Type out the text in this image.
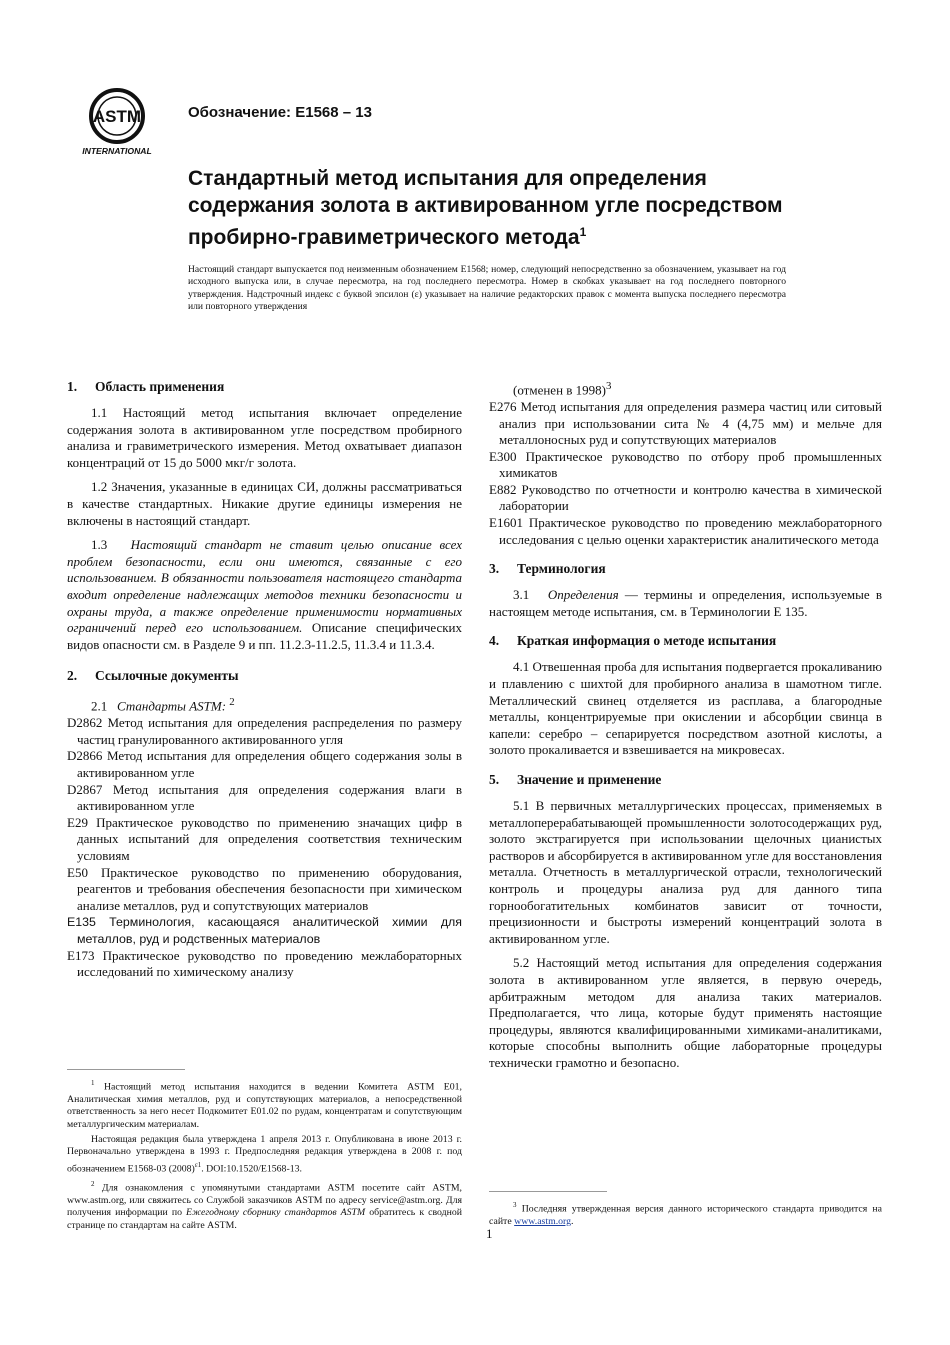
ASTM
INTERNATIONAL
Обозначение: E1568 – 13
Стандартный метод испытания для определения содержания золота в активированном угле посредством пробирно-гравиметрического метода$^1$
Настоящий стандарт выпускается под неизменным обозначением E1568; номер, следующий непосредственно за обозначением, указывает на год исходного выпуска или, в случае пересмотра, на год последнего пересмотра. Номер в скобках указывает на год последнего повторного утверждения. Надстрочный индекс с буквой эпсилон (ε) указывает на наличие редакторских правок с момента выпуска последнего пересмотра или повторного утверждения
1. Область применения

1.1 Настоящий метод испытания включает определение содержания золота в активированном угле посредством пробирного анализа и гравиметрического измерения. Метод охватывает диапазон концентраций от 15 до 5000 мкг/г золота.

1.2 Значения, указанные в единицах СИ, должны рассматриваться в качестве стандартных. Никакие другие единицы измерения не включены в настоящий стандарт.

1.3 Настоящий стандарт не ставит целью описание всех проблем безопасности, если они имеются, связанные с его использованием. В обязанности пользователя настоящего стандарта входит определение надлежащих методов техники безопасности и охраны труда, а также определение применимости нормативных ограничений перед его использованием. Описание специфических видов опасности см. в Разделе 9 и пп. 11.2.3-11.2.5, 11.3.4 и 11.3.4.

2. Ссылочные документы
2.1 Стандарты ASTM: $^2$
D2862 Метод испытания для определения распределения по размеру частиц гранулированного активированного угля
D2866 Метод испытания для определения общего содержания золы в активированном угле
D2867 Метод испытания для определения содержания влаги в активированном угле
E29 Практическое руководство по применению значащих цифр в данных испытаний для определения соответствия техническим условиям
E50 Практическое руководство по применению оборудования, реагентов и требования обеспечения безопасности при химическом анализе металлов, руд и сопутствующих материалов
E135 Терминология, касающаяся аналитической химии для металлов, руд и родственных материалов
E173 Практическое руководство по проведению межлабораторных исследований по химическому анализу

$^1$ Настоящий метод испытания находится в ведении Комитета ASTM E01, Аналитическая химия металлов, руд и сопутствующих материалов, а непосредственной ответственность за него несет Подкомитет E01.02 по рудам, концентратам и сопутствующим металлургическим материалам.

Настоящая редакция была утверждена 1 апреля 2013 г. Опубликована в июне 2013 г. Первоначально утверждена в 1993 г. Предпоследняя редакция утверждена в 2008 г. под обозначением E1568-03 $(2008)^{\varepsilon 1}$. DOI:10.1520/E1568-13.

$^2$ Для ознакомления с упомянутыми стандартами ASTM посетите сайт ASTM, www.astm.org, или свяжитесь со Службой заказчиков ASTM по адресу service@astm.org. Для получения информации по Ежегодному сборнику стандартов ASTM обратитесь к сводной странице по стандартам на сайте ASTM.

(отменен в 1998)$^3$
E276 Метод испытания для определения размера частиц или ситовый анализ при использовании сита № 4 (4,75 мм) и мельче для металлоносных руд и сопутствующих материалов
E300 Практическое руководство по отбору проб промышленных химикатов
E882 Руководство по отчетности и контролю качества в химической лаборатории
E1601 Практическое руководство по проведению межлабораторного исследования с целью оценки характеристик аналитического метода
3. Терминология

3.1 Определения — термины и определения, используемые в настоящем методе испытания, см. в Терминологии E 135.

4. Краткая информация о методе испытания

4.1 Отвешенная проба для испытания подвергается прокаливанию и плавлению с шихтой для пробирного анализа в шамотном тигле. Металлический свинец отделяется из расплава, а благородные металлы, концентрируемые при окислении и абсорбции свинца в капели: серебро – сепарируется посредством азотной кислоты, а золото прокаливается и взвешивается на микровесах.

5. Значение и применение

5.1 В первичных металлургических процессах, применяемых в металлоперерабатывающей промышленности золотосодержащих руд, золото экстрагируется при использовании щелочных цианистых растворов и абсорбируется в активированном угле для восстановления металла. Отчетность в металлургической отрасли, технологический контроль и процедуры анализа руд для данного типа горнообогатительных комбинатов зависит от точности, прецизионности и быстроты измерений концентраций золота в активированном угле.

5.2 Настоящий метод испытания для определения содержания золота в активированном угле является, в первую очередь, арбитражным методом для анализа таких материалов. Предполагается, что лица, которые будут применять настоящие процедуры, являются квалифицированными химиками-аналитиками, которые способны выполнить общие лабораторные процедуры технически грамотно и безопасно.

$^3$ Последняя утвержденная версия данного исторического стандарта приводится на сайте www.astm.org.

1
